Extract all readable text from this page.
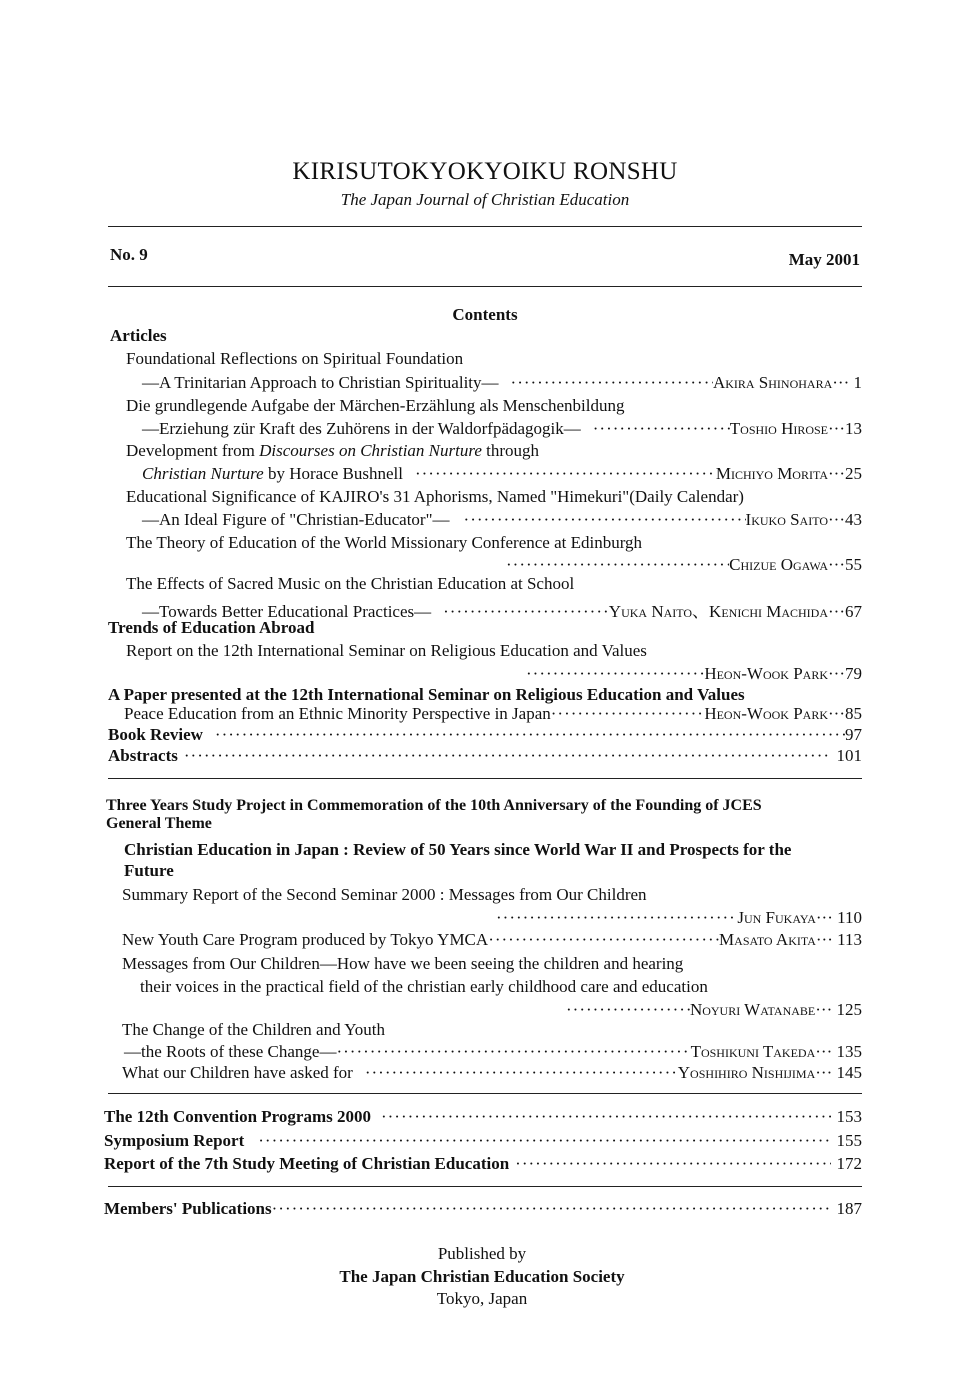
KIRISUTOKYOKYOIKU RONSHU
The Japan Journal of Christian Education
No. 9	May 2001
Contents
Articles
Foundational Reflections on Spiritual Foundation
—A Trinitarian Approach to Christian Spirituality— ·····	Akira Shinohara ··· 1
Die grundlegende Aufgabe der Märchen-Erzählung als Menschenbildung
—Erziehung zür Kraft des Zuhörens in der Waldorfpädagogik— ·····	Toshio Hirose ···13
Development from Discourses on Christian Nurture through
Christian Nurture by Horace Bushnell ·····	Michiyo Morita ···25
Educational Significance of KAJIRO's 31 Aphorisms, Named "Himekuri"(Daily Calendar)
—An Ideal Figure of "Christian-Educator"— ·····	Ikuko Saito ···43
The Theory of Education of the World Missionary Conference at Edinburgh
·····
Chizue Ogawa ···55
The Effects of Sacred Music on the Christian Education at School
—Towards Better Educational Practices— ·····	Yuka Naito、Kenichi Machida ···67
Trends of Education Abroad
Report on the 12th International Seminar on Religious Education and Values
·····
Heon-Wook Park ···79
A Paper presented at the 12th International Seminar on Religious Education and Values
Peace Education from an Ethnic Minority Perspective in Japan ·····	Heon-Wook Park ···85
Book Review ·····	97
Abstracts ·····	101
Three Years Study Project in Commemoration of the 10th Anniversary of the Founding of JCES
General Theme
Christian Education in Japan : Review of 50 Years since World War II and Prospects for the
Future
Summary Report of the Second Seminar 2000 : Messages from Our Children
·····
Jun Fukaya ··· 110
New Youth Care Program produced by Tokyo YMCA ·····	Masato Akita ··· 113
Messages from Our Children—How have we been seeing the children and hearing
their voices in the practical field of the christian early childhood care and education
·····
Noyuri Watanabe ··· 125
The Change of the Children and Youth
—the Roots of these Change— ·····	Toshikuni Takeda ··· 135
What our Children have asked for ·····	Yoshihiro Nishijima ··· 145
The 12th Convention Programs 2000 ·····	153
Symposium Report ·····	155
Report of the 7th Study Meeting of Christian Education ·····	172
Members' Publications ·····	187
Published by
The Japan Christian Education Society
Tokyo, Japan
